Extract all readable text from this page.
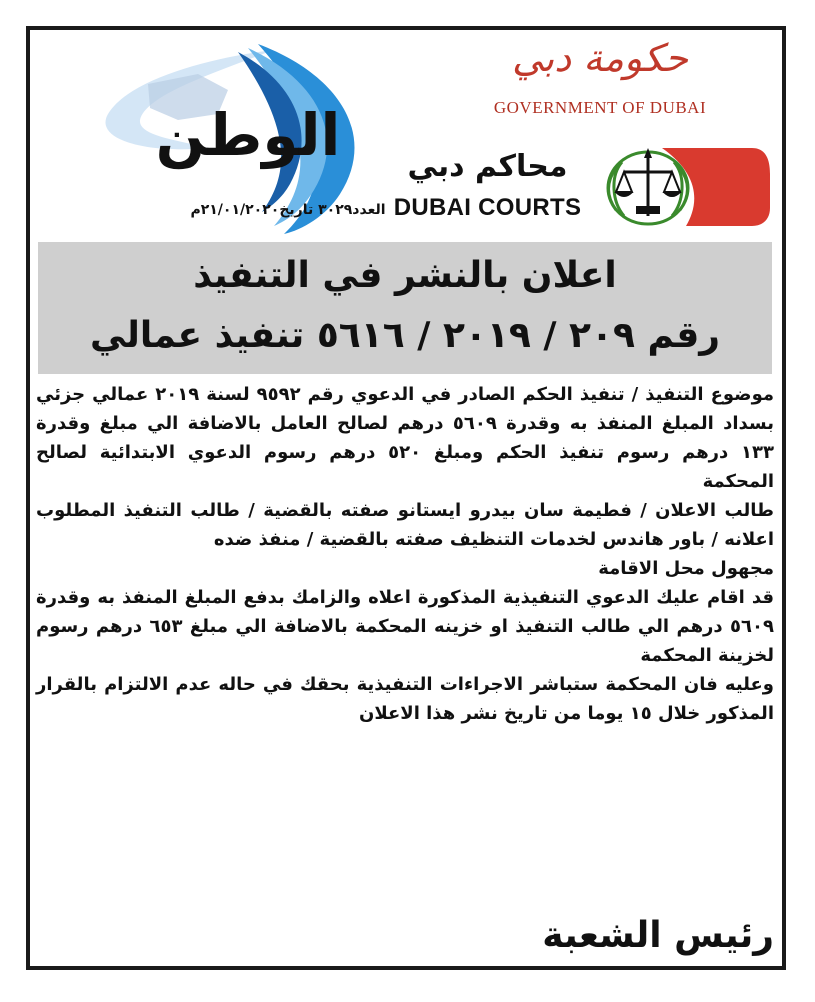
الوطن
العدد٣٠٢٩ تاريخ٢١/٠١/٢٠٢٠م
حكومة دبي
GOVERNMENT OF DUBAI
محاكم دبي
DUBAI COURTS
اعلان بالنشر في التنفيذ
رقم ٢٠٩ / ٢٠١٩ / ٥٦١٦ تنفيذ عمالي
موضوع التنفيذ / تنفيذ الحكم الصادر في الدعوي رقم ٩٥٩٢ لسنة ٢٠١٩ عمالي جزئي بسداد المبلغ المنفذ به وقدرة ٥٦٠٩ درهم لصالح العامل بالاضافة الي مبلغ وقدرة ١٣٣ درهم رسوم تنفيذ الحكم ومبلغ ٥٢٠ درهم رسوم الدعوي الابتدائية لصالح المحكمة
طالب الاعلان / فطيمة سان بيدرو ايستانو صفته بالقضية / طالب التنفيذ المطلوب اعلانه / باور هاندس لخدمات التنظيف صفته بالقضية / منفذ ضده
مجهول محل الاقامة
قد اقام عليك الدعوي التنفيذية المذكورة اعلاه والزامك بدفع المبلغ المنفذ به وقدرة ٥٦٠٩ درهم الي طالب التنفيذ او خزينه المحكمة بالاضافة الي مبلغ ٦٥٣ درهم رسوم لخزينة المحكمة
وعليه فان المحكمة ستباشر الاجراءات التنفيذية بحقك في حاله عدم الالتزام بالقرار المذكور خلال ١٥ يوما من تاريخ نشر هذا الاعلان
رئيس الشعبة
